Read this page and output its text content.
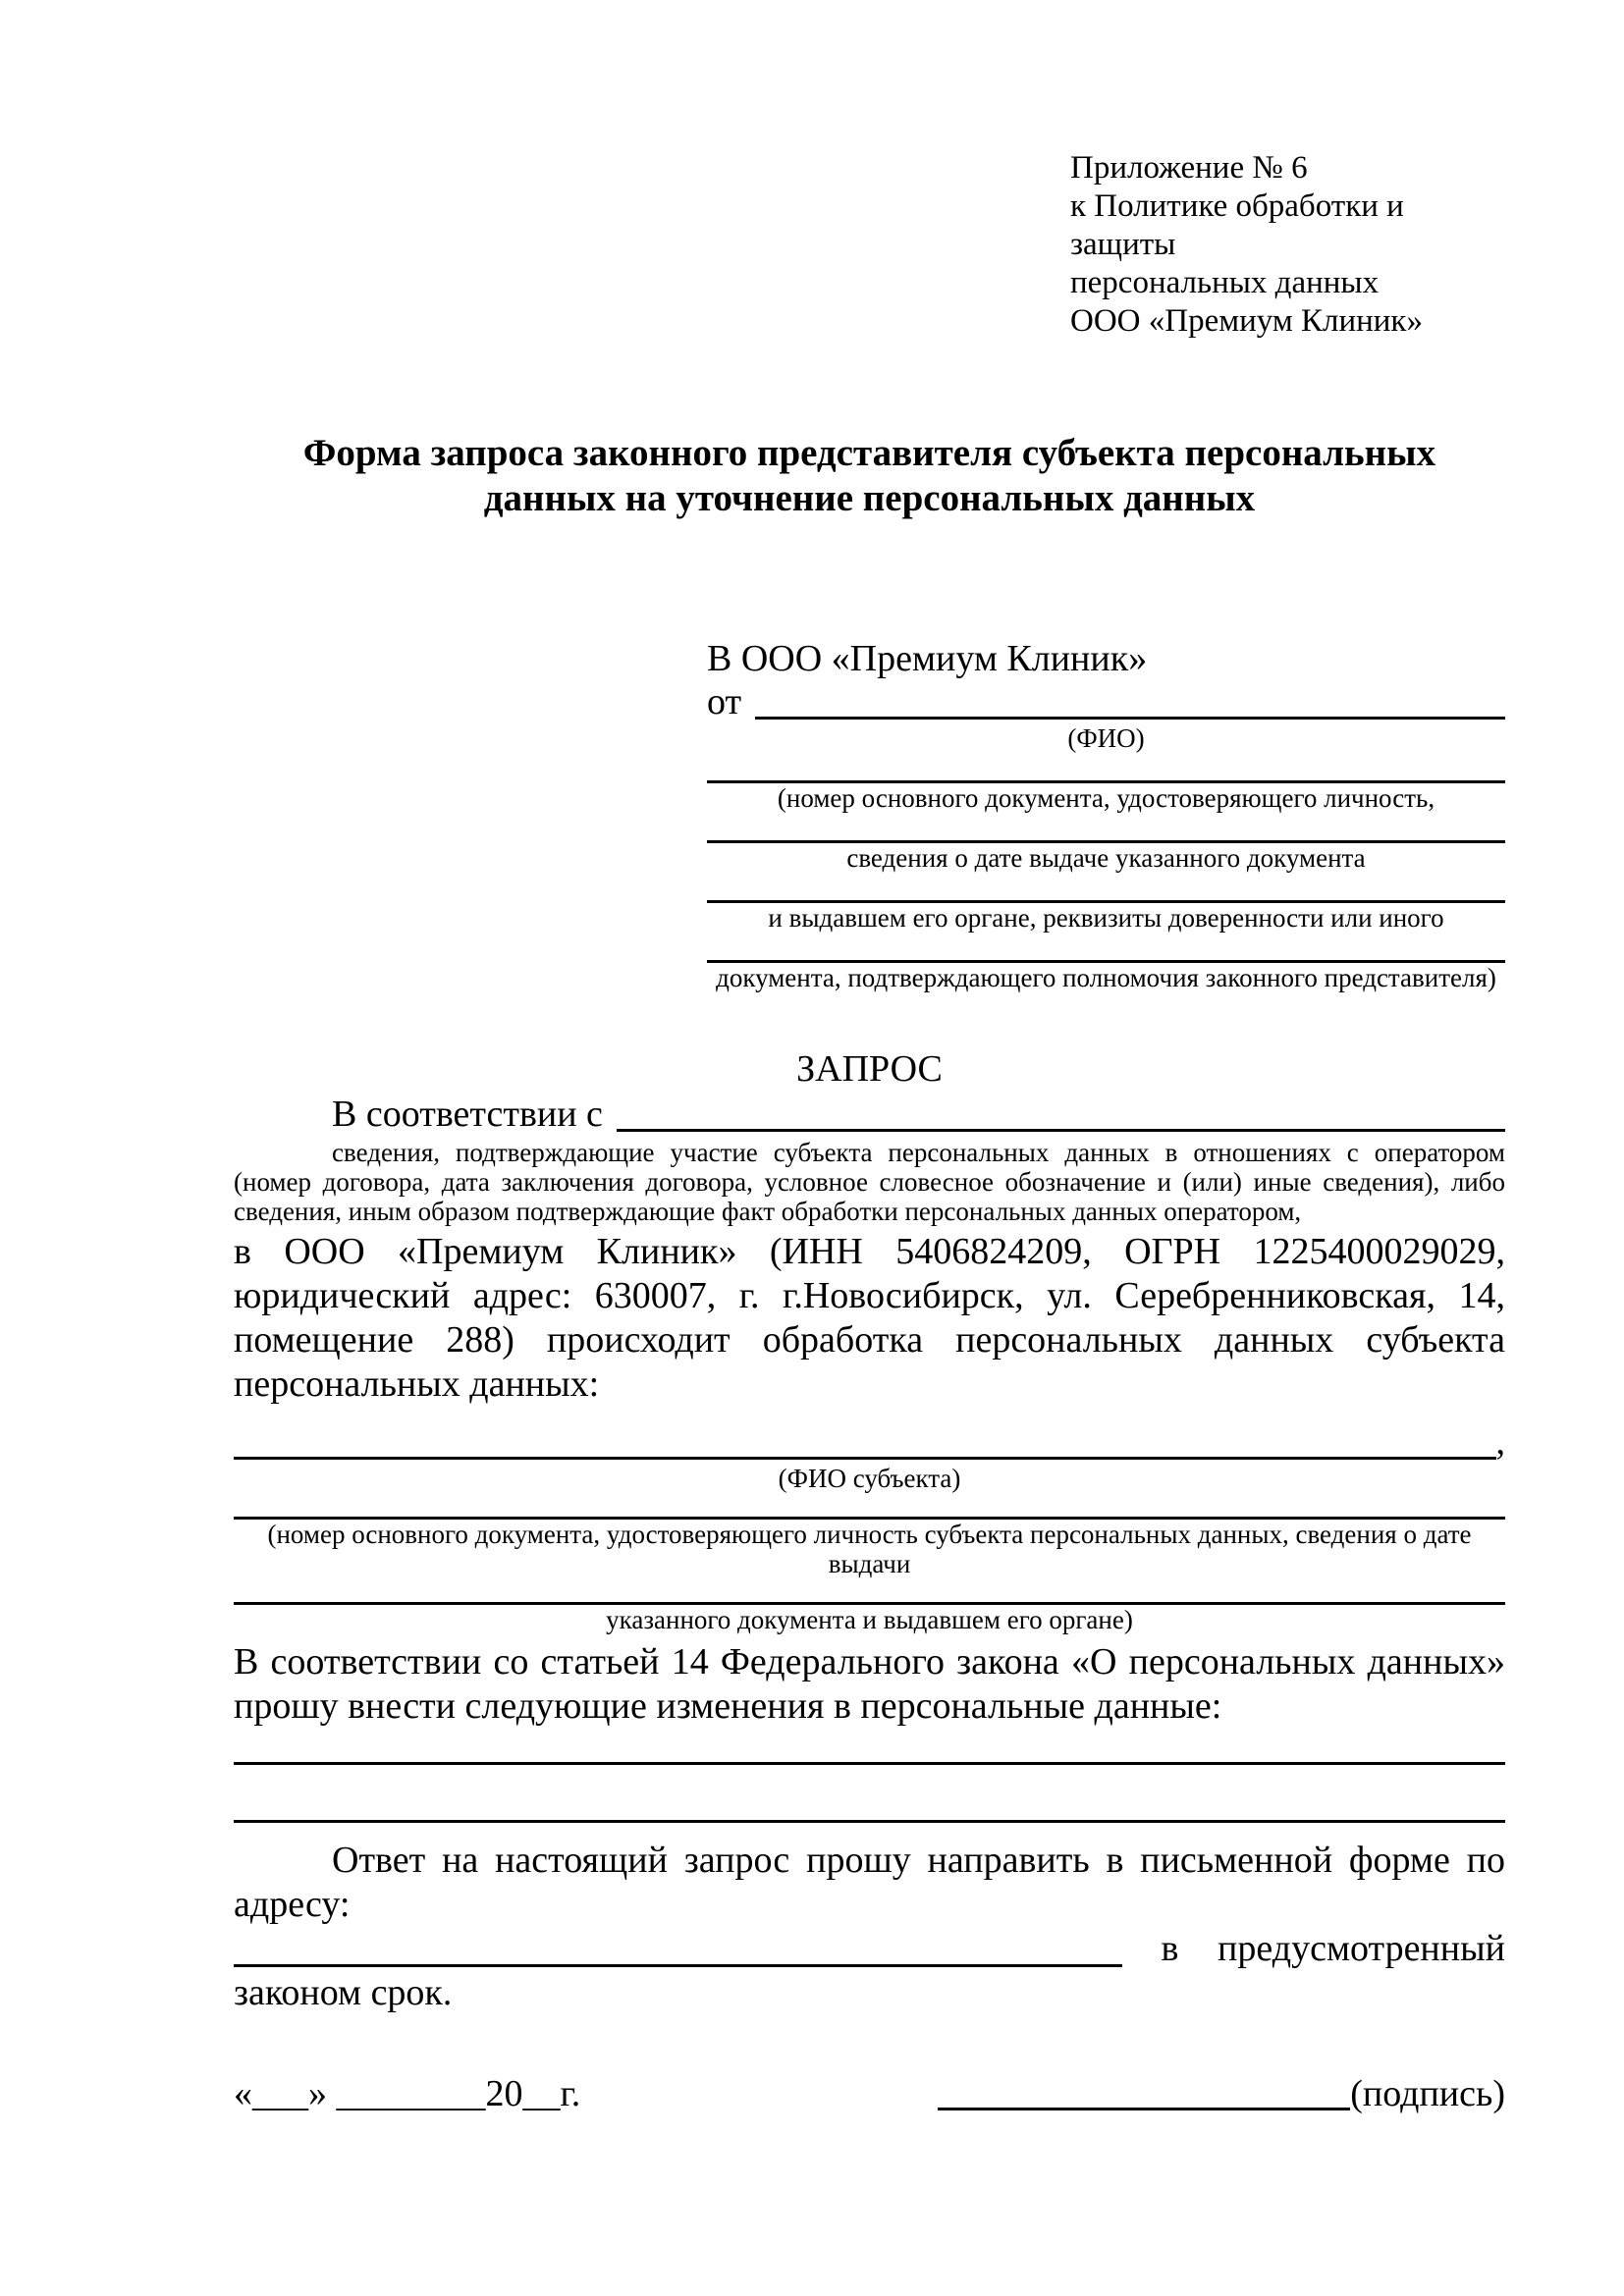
Приложение № 6
к Политике обработки и защиты
персональных данных
ООО «Премиум Клиник»
Форма запроса законного представителя субъекта персональных данных на уточнение персональных данных
В ООО «Премиум Клиник»
от
(ФИО)
(номер основного документа, удостоверяющего личность,
сведения о дате выдаче указанного документа
и выдавшем его органе, реквизиты доверенности или иного
документа, подтверждающего полномочия законного представителя)
ЗАПРОС
В соответствии с

сведения, подтверждающие участие субъекта персональных данных в отношениях с оператором (номер договора, дата заключения договора, условное словесное обозначение и (или) иные сведения), либо сведения, иным образом подтверждающие факт обработки персональных данных оператором,

в ООО «Премиум Клиник» (ИНН 5406824209, ОГРН 1225400029029, юридический адрес: 630007, г. г.Новосибирск, ул. Серебренниковская, 14, помещение 288) происходит обработка персональных данных субъекта персональных данных:

,
(ФИО субъекта)
(номер основного документа, удостоверяющего личность субъекта персональных данных, сведения о дате выдачи
указанного документа и выдавшем его органе)

В соответствии со статьей 14 Федерального закона «О персональных данных» прошу внести следующие изменения в персональные данные:

Ответ на настоящий запрос прошу направить в письменной форме по адресу:

в предусмотренный
законом срок.
«___» ________20__г.	(подпись)
